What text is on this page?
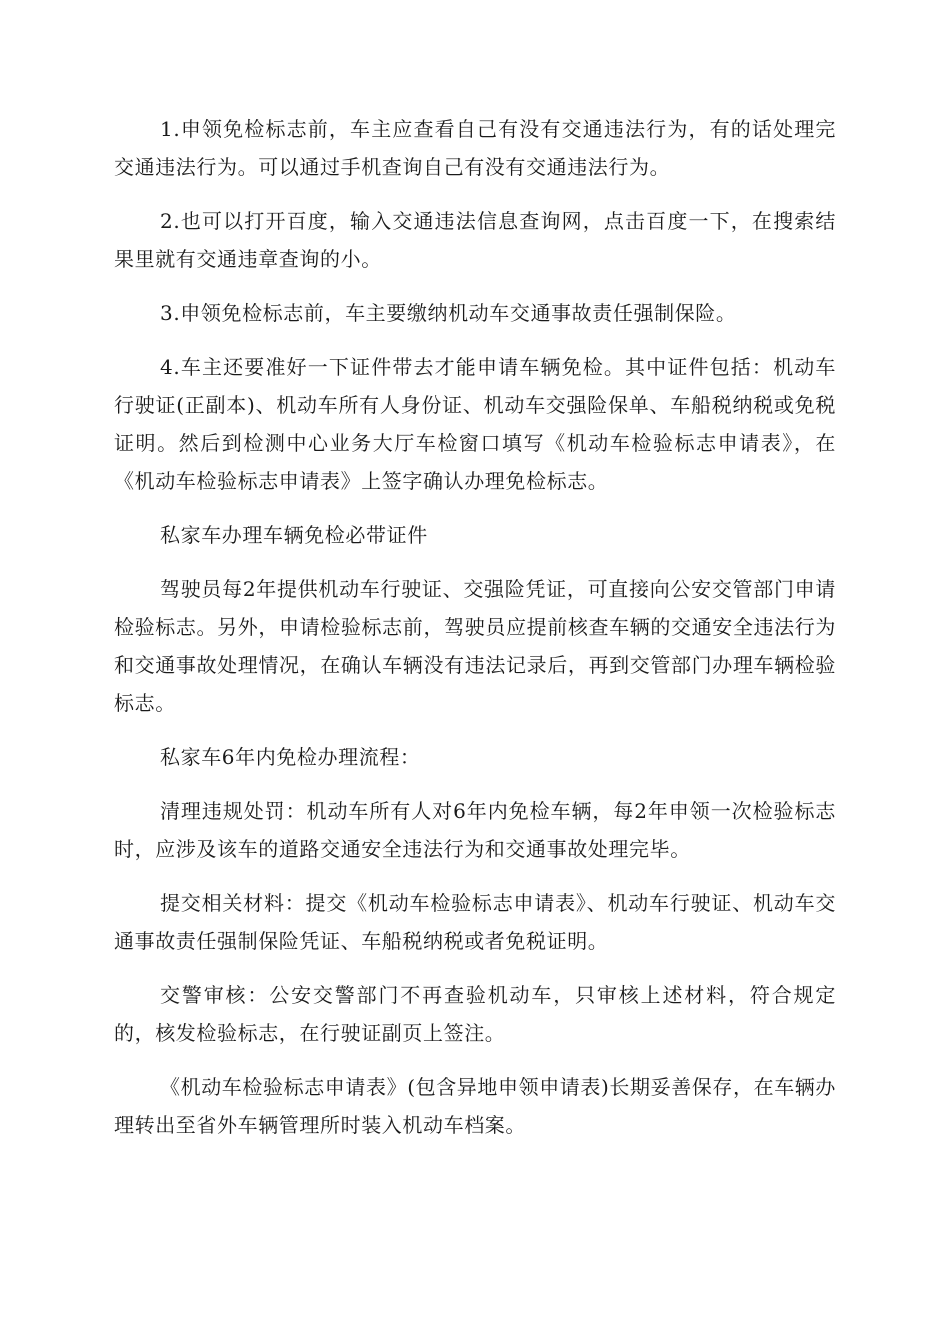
1.申领免检标志前，车主应查看自己有没有交通违法行为，有的话处理完交通违法行为。可以通过手机查询自己有没有交通违法行为。

2.也可以打开百度，输入交通违法信息查询网，点击百度一下，在搜索结果里就有交通违章查询的小。

3.申领免检标志前，车主要缴纳机动车交通事故责任强制保险。

4.车主还要准好一下证件带去才能申请车辆免检。其中证件包括：机动车行驶证(正副本)、机动车所有人身份证、机动车交强险保单、车船税纳税或免税证明。然后到检测中心业务大厅车检窗口填写《机动车检验标志申请表》，在《机动车检验标志申请表》上签字确认办理免检标志。

私家车办理车辆免检必带证件

驾驶员每2年提供机动车行驶证、交强险凭证，可直接向公安交管部门申请检验标志。另外，申请检验标志前，驾驶员应提前核查车辆的交通安全违法行为和交通事故处理情况，在确认车辆没有违法记录后，再到交管部门办理车辆检验标志。

私家车6年内免检办理流程：

清理违规处罚：机动车所有人对6年内免检车辆，每2年申领一次检验标志时，应涉及该车的道路交通安全违法行为和交通事故处理完毕。

提交相关材料：提交《机动车检验标志申请表》、机动车行驶证、机动车交通事故责任强制保险凭证、车船税纳税或者免税证明。

交警审核：公安交警部门不再查验机动车，只审核上述材料，符合规定的，核发检验标志，在行驶证副页上签注。

《机动车检验标志申请表》(包含异地申领申请表)长期妥善保存，在车辆办理转出至省外车辆管理所时装入机动车档案。
